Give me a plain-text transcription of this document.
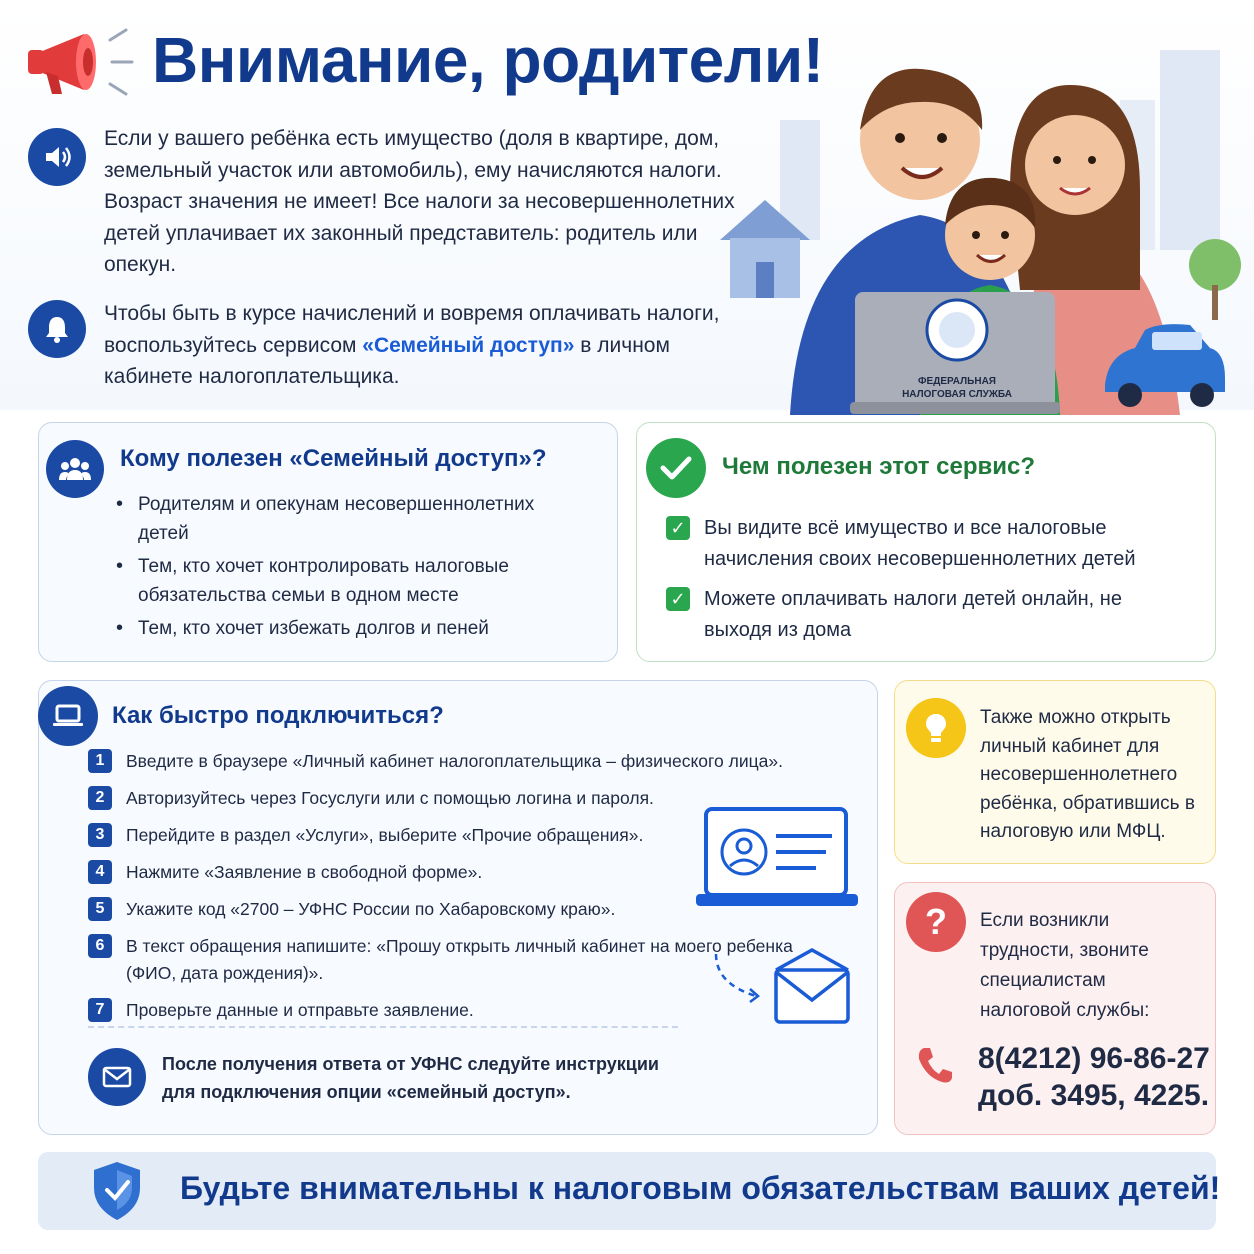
Внимание, родители!
Если у вашего ребёнка есть имущество (доля в квартире, дом, земельный участок или автомобиль), ему начисляются налоги. Возраст значения не имеет! Все налоги за несовершеннолетних детей уплачивает их законный представитель: родитель или опекун.
Чтобы быть в курсе начислений и вовремя оплачивать налоги, воспользуйтесь сервисом «Семейный доступ» в личном кабинете налогоплательщика.	ФЕДЕРАЛЬНАЯ
НАЛОГОВАЯ СЛУЖБА
Кому полезен «Семейный доступ»?
• Родителям и опекунам несовершеннолетних детей
• Тем, кто хочет контролировать налоговые обязательства семьи в одном месте
• Тем, кто хочет избежать долгов и пеней
Чем полезен этот сервис?
✓ Вы видите всё имущество и все налоговые начисления своих несовершеннолетних детей
✓ Можете оплачивать налоги детей онлайн, не выходя из дома
Как быстро подключиться?
1	Введите в браузере «Личный кабинет налогоплательщика – физического лица».
2	Авторизуйтесь через Госуслуги или с помощью логина и пароля.
3	Перейдите в раздел «Услуги», выберите «Прочие обращения».
4	Нажмите «Заявление в свободной форме».
5	Укажите код «2700 – УФНС России по Хабаровскому краю».
6	В текст обращения напишите: «Прошу открыть личный кабинет на моего ребенка (ФИО, дата рождения)».
7	Проверьте данные и отправьте заявление.
После получения ответа от УФНС следуйте инструкции для подключения опции «семейный доступ».
Также можно открыть личный кабинет для несовершеннолетнего ребёнка, обратившись в налоговую или МФЦ.
? Если возникли трудности, звоните специалистам налоговой службы:
8(4212) 96-86-27
доб. 3495, 4225.
Будьте внимательны к налоговым обязательствам ваших детей!
